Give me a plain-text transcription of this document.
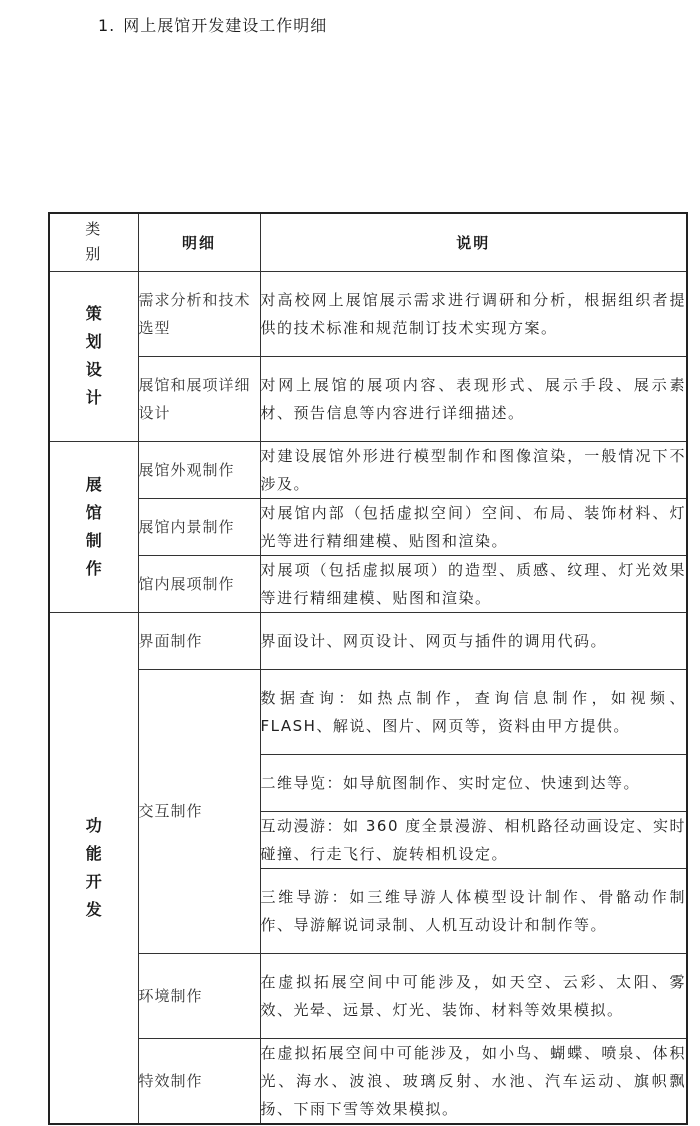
1. 网上展馆开发建设工作明细
类
别	明细	说明
策
划
设
计	需求分析和技术选型	对高校网上展馆展示需求进行调研和分析，根据组织者提供的技术标准和规范制订技术实现方案。
	展馆和展项详细设计	对网上展馆的展项内容、表现形式、展示手段、展示素材、预告信息等内容进行详细描述。
展
馆
制
作	展馆外观制作	对建设展馆外形进行模型制作和图像渲染，一般情况下不涉及。
	展馆内景制作	对展馆内部（包括虚拟空间）空间、布局、装饰材料、灯光等进行精细建模、贴图和渲染。
	馆内展项制作	对展项（包括虚拟展项）的造型、质感、纹理、灯光效果等进行精细建模、贴图和渲染。
功
能
开
发	界面制作	界面设计、网页设计、网页与插件的调用代码。
	交互制作	数据查询：如热点制作，查询信息制作，如视频、FLASH、解说、图片、网页等，资料由甲方提供。
		二维导览：如导航图制作、实时定位、快速到达等。
		互动漫游：如 360 度全景漫游、相机路径动画设定、实时碰撞、行走飞行、旋转相机设定。
		三维导游：如三维导游人体模型设计制作、骨骼动作制作、导游解说词录制、人机互动设计和制作等。
	环境制作	在虚拟拓展空间中可能涉及，如天空、云彩、太阳、雾效、光晕、远景、灯光、装饰、材料等效果模拟。
	特效制作	在虚拟拓展空间中可能涉及，如小鸟、蝴蝶、喷泉、体积光、海水、波浪、玻璃反射、水池、汽车运动、旗帜飘扬、下雨下雪等效果模拟。
